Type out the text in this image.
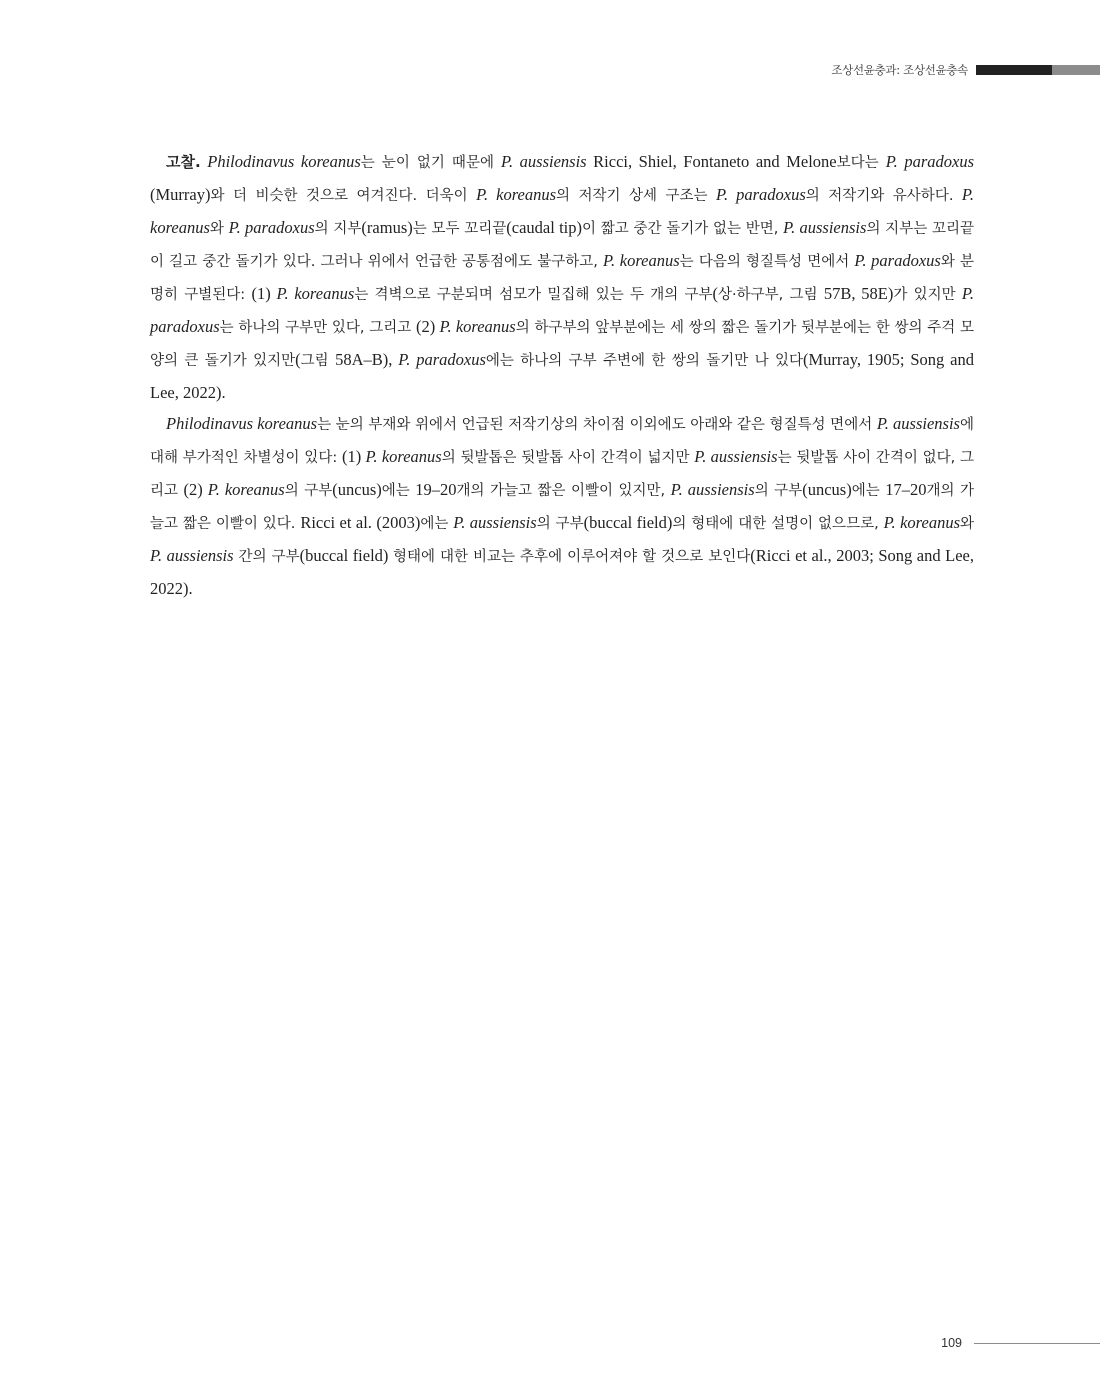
조상선윤충과: 조상선윤충속

고찰. Philodinavus koreanus는 눈이 없기 때문에 P. aussiensis Ricci, Shiel, Fontaneto and Melone보다는 P. paradoxus (Murray)와 더 비슷한 것으로 여겨진다. 더욱이 P. koreanus의 저작기 상세 구조는 P. paradoxus의 저작기와 유사하다. P. koreanus와 P. paradoxus의 지부(ramus)는 모두 꼬리끝(caudal tip)이 짧고 중간 돌기가 없는 반면, P. aussiensis의 지부는 꼬리끝이 길고 중간 돌기가 있다. 그러나 위에서 언급한 공통점에도 불구하고, P. koreanus는 다음의 형질특성 면에서 P. paradoxus와 분명히 구별된다: (1) P. koreanus는 격벽으로 구분되며 섬모가 밀집해 있는 두 개의 구부(상·하구부, 그림 57B, 58E)가 있지만 P. paradoxus는 하나의 구부만 있다, 그리고 (2) P. koreanus의 하구부의 앞부분에는 세 쌍의 짧은 돌기가 뒷부분에는 한 쌍의 주걱 모양의 큰 돌기가 있지만(그림 58A–B), P. paradoxus에는 하나의 구부 주변에 한 쌍의 돌기만 나 있다(Murray, 1905; Song and Lee, 2022).

Philodinavus koreanus는 눈의 부재와 위에서 언급된 저작기상의 차이점 이외에도 아래와 같은 형질특성 면에서 P. aussiensis에 대해 부가적인 차별성이 있다: (1) P. koreanus의 뒷발톱은 뒷발톱 사이 간격이 넓지만 P. aussiensis는 뒷발톱 사이 간격이 없다, 그리고 (2) P. koreanus의 구부(uncus)에는 19–20개의 가늘고 짧은 이빨이 있지만, P. aussiensis의 구부(uncus)에는 17–20개의 가늘고 짧은 이빨이 있다. Ricci et al. (2003)에는 P. aussiensis의 구부(buccal field)의 형태에 대한 설명이 없으므로, P. koreanus와 P. aussiensis 간의 구부(buccal field) 형태에 대한 비교는 추후에 이루어져야 할 것으로 보인다(Ricci et al., 2003; Song and Lee, 2022).

109
